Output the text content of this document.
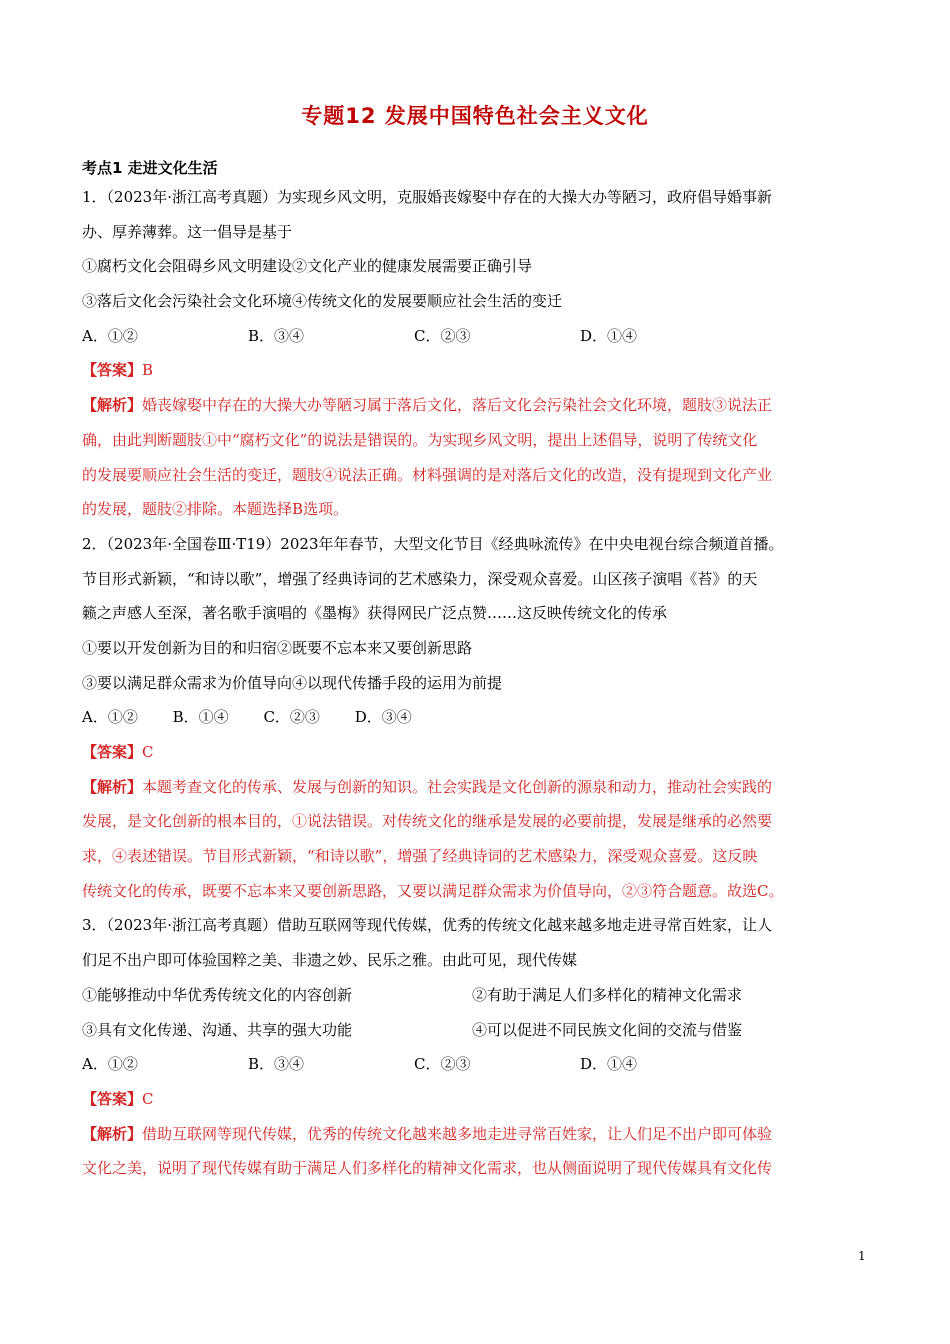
专题12 发展中国特色社会主义文化
考点1 走进文化生活
1．（2023年·浙江高考真题）为实现乡风文明，克服婚丧嫁娶中存在的大操大办等陋习，政府倡导婚事新
办、厚养薄葬。这一倡导是基于
①腐朽文化会阻碍乡风文明建设②文化产业的健康发展需要正确引导
③落后文化会污染社会文化环境④传统文化的发展要顺应社会生活的变迁
A．①②	B．③④	C．②③	D．①④
【答案】B
【解析】婚丧嫁娶中存在的大操大办等陋习属于落后文化，落后文化会污染社会文化环境，题肢③说法正
确，由此判断题肢①中“腐朽文化”的说法是错误的。为实现乡风文明，提出上述倡导，说明了传统文化
的发展要顺应社会生活的变迁，题肢④说法正确。材料强调的是对落后文化的改造，没有提现到文化产业
的发展，题肢②排除。本题选择B选项。
2．（2023年·全国卷Ⅲ·T19）2023年年春节，大型文化节目《经典咏流传》在中央电视台综合频道首播。
节目形式新颖，“和诗以歌”，增强了经典诗词的艺术感染力，深受观众喜爱。山区孩子演唱《苔》的天
籁之声感人至深，著名歌手演唱的《墨梅》获得网民广泛点赞……这反映传统文化的传承
①要以开发创新为目的和归宿②既要不忘本来又要创新思路
③要以满足群众需求为价值导向④以现代传播手段的运用为前提
A．①② B．①④ C．②③ D．③④
【答案】C
【解析】本题考查文化的传承、发展与创新的知识。社会实践是文化创新的源泉和动力，推动社会实践的
发展，是文化创新的根本目的，①说法错误。对传统文化的继承是发展的必要前提，发展是继承的必然要
求，④表述错误。节目形式新颖，“和诗以歌”，增强了经典诗词的艺术感染力，深受观众喜爱。这反映
传统文化的传承，既要不忘本来又要创新思路，又要以满足群众需求为价值导向，②③符合题意。故选C。
3．（2023年·浙江高考真题）借助互联网等现代传媒，优秀的传统文化越来越多地走进寻常百姓家，让人
们足不出户即可体验国粹之美、非遗之妙、民乐之雅。由此可见，现代传媒
①能够推动中华优秀传统文化的内容创新	②有助于满足人们多样化的精神文化需求
③具有文化传递、沟通、共享的强大功能	④可以促进不同民族文化间的交流与借鉴
A．①②	B．③④	C．②③	D．①④
【答案】C
【解析】借助互联网等现代传媒，优秀的传统文化越来越多地走进寻常百姓家，让人们足不出户即可体验
文化之美，说明了现代传媒有助于满足人们多样化的精神文化需求，也从侧面说明了现代传媒具有文化传
1
